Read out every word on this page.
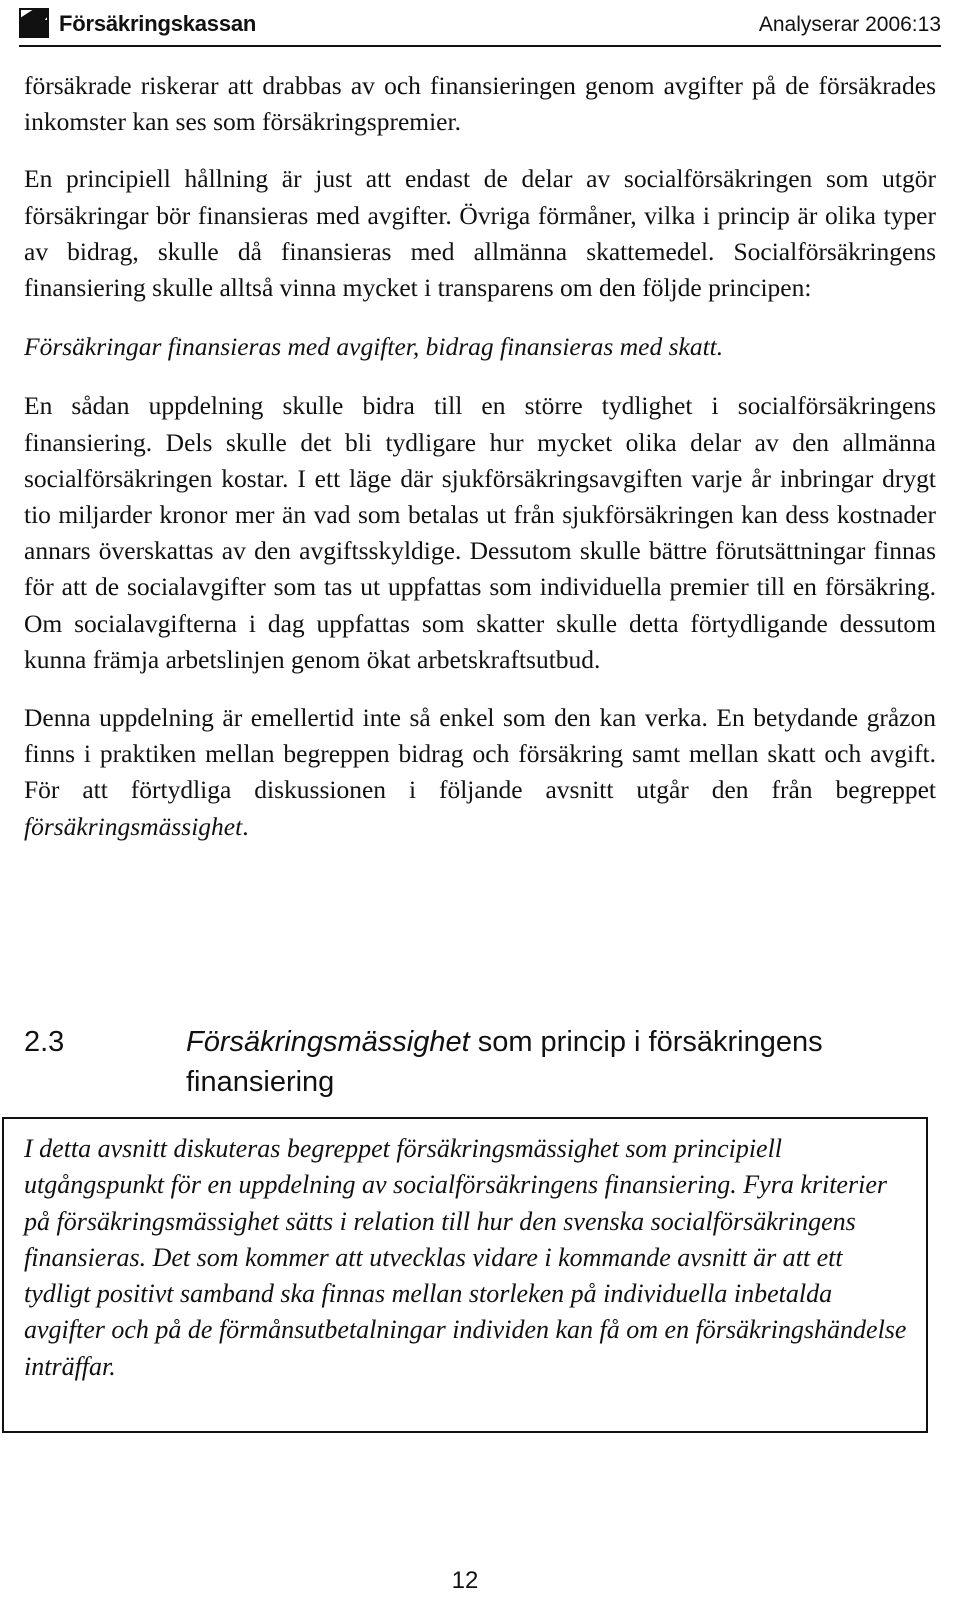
Försäkringskassan	Analyserar 2006:13

försäkrade riskerar att drabbas av och finansieringen genom avgifter på de försäkrades inkomster kan ses som försäkringspremier.

En principiell hållning är just att endast de delar av socialförsäkringen som utgör försäkringar bör finansieras med avgifter. Övriga förmåner, vilka i princip är olika typer av bidrag, skulle då finansieras med allmänna skattemedel. Socialförsäkringens finansiering skulle alltså vinna mycket i transparens om den följde principen:

Försäkringar finansieras med avgifter, bidrag finansieras med skatt.

En sådan uppdelning skulle bidra till en större tydlighet i socialförsäkringens finansiering. Dels skulle det bli tydligare hur mycket olika delar av den allmänna socialförsäkringen kostar. I ett läge där sjukförsäkringsavgiften varje år inbringar drygt tio miljarder kronor mer än vad som betalas ut från sjukförsäkringen kan dess kostnader annars överskattas av den avgiftsskyldige. Dessutom skulle bättre förutsättningar finnas för att de socialavgifter som tas ut uppfattas som individuella premier till en försäkring. Om socialavgifterna i dag uppfattas som skatter skulle detta förtydligande dessutom kunna främja arbetslinjen genom ökat arbetskraftsutbud.

Denna uppdelning är emellertid inte så enkel som den kan verka. En betydande gråzon finns i praktiken mellan begreppen bidrag och försäkring samt mellan skatt och avgift. För att förtydliga diskussionen i följande avsnitt utgår den från begreppet försäkringsmässighet.

2.3	Försäkringsmässighet som princip i försäkringens finansiering
I detta avsnitt diskuteras begreppet försäkringsmässighet som principiell utgångspunkt för en uppdelning av socialförsäkringens finansiering. Fyra kriterier på försäkringsmässighet sätts i relation till hur den svenska socialförsäkringens finansieras. Det som kommer att utvecklas vidare i kommande avsnitt är att ett tydligt positivt samband ska finnas mellan storleken på individuella inbetalda avgifter och på de förmånsutbetalningar individen kan få om en försäkringshändelse inträffar.
12
